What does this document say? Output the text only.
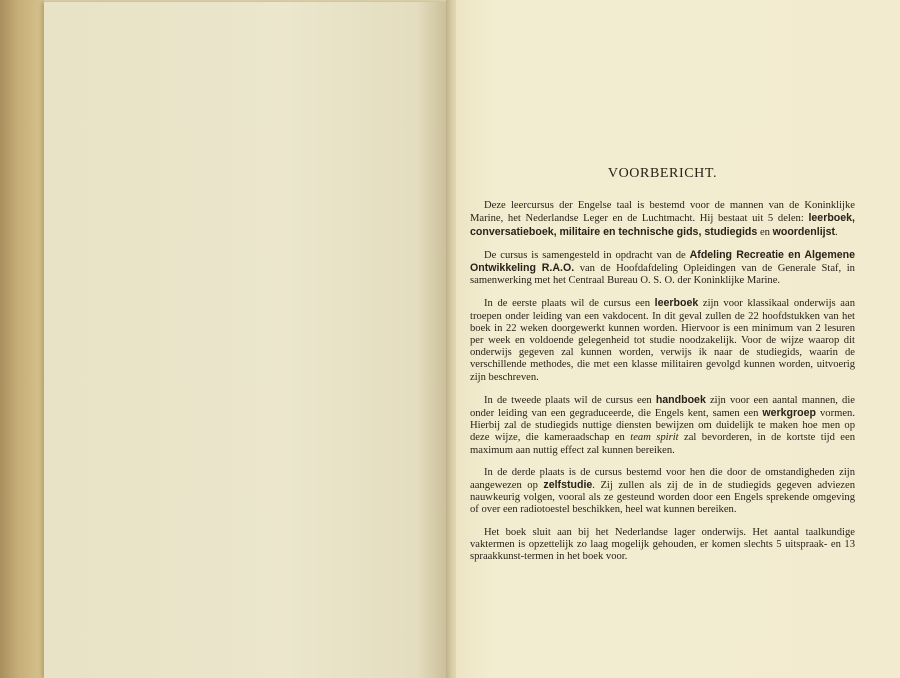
VOORBERICHT.

Deze leercursus der Engelse taal is bestemd voor de mannen van de Koninklijke Marine, het Nederlandse Leger en de Luchtmacht. Hij bestaat uit 5 delen: leerboek, conversatieboek, militaire en technische gids, studiegids en woordenlijst.

De cursus is samengesteld in opdracht van de Afdeling Recreatie en Algemene Ontwikkeling R.A.O. van de Hoofdafdeling Opleidingen van de Generale Staf, in samenwerking met het Centraal Bureau O. S. O. der Koninklijke Marine.

In de eerste plaats wil de cursus een leerboek zijn voor klassikaal onderwijs aan troepen onder leiding van een vakdocent. In dit geval zullen de 22 hoofdstukken van het boek in 22 weken doorgewerkt kunnen worden. Hiervoor is een minimum van 2 lesuren per week en voldoende gelegenheid tot studie noodzakelijk. Voor de wijze waarop dit onderwijs gegeven zal kunnen worden, verwijs ik naar de studiegids, waarin de verschillende methodes, die met een klasse militairen gevolgd kunnen worden, uitvoerig zijn beschreven.

In de tweede plaats wil de cursus een handboek zijn voor een aantal mannen, die onder leiding van een gegraduceerde, die Engels kent, samen een werkgroep vormen. Hierbij zal de studiegids nuttige diensten bewijzen om duidelijk te maken hoe men op deze wijze, die kameraadschap en team spirit zal bevorderen, in de kortste tijd een maximum aan nuttig effect zal kunnen bereiken.

In de derde plaats is de cursus bestemd voor hen die door de omstandigheden zijn aangewezen op zelfstudie. Zij zullen als zij de in de studiegids gegeven adviezen nauwkeurig volgen, vooral als ze gesteund worden door een Engels sprekende omgeving of over een radiotoestel beschikken, heel wat kunnen bereiken.

Het boek sluit aan bij het Nederlandse lager onderwijs. Het aantal taalkundige vaktermen is opzettelijk zo laag mogelijk gehouden, er komen slechts 5 uitspraak- en 13 spraakkunst-termen in het boek voor.
